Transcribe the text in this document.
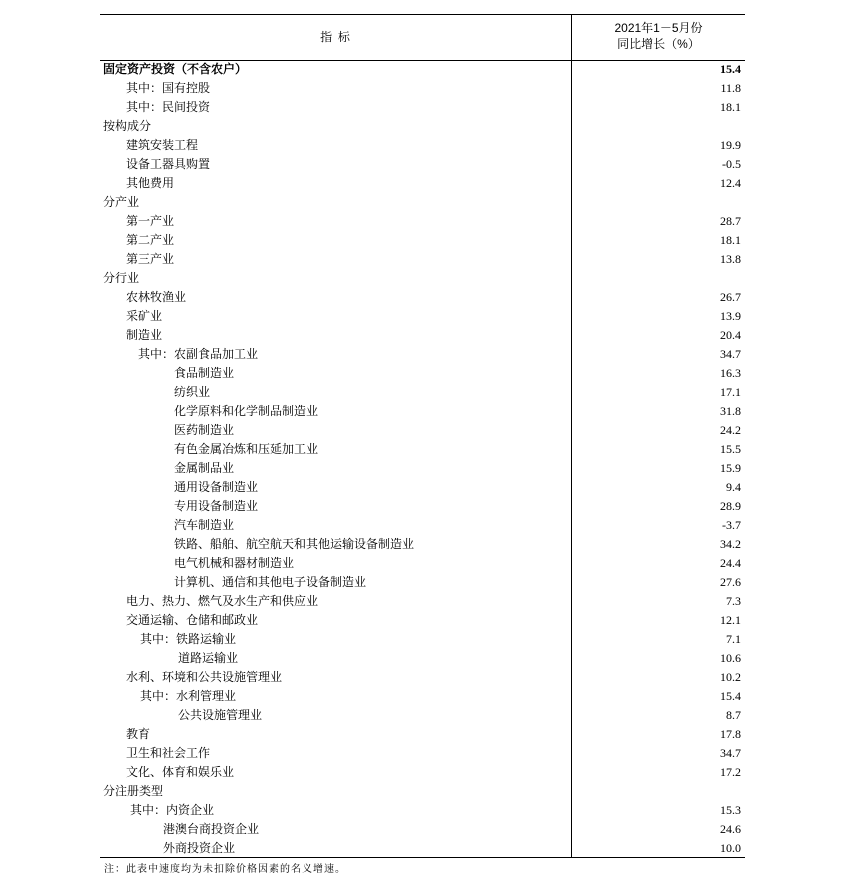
指 标
2021年1－5月份
同比增长（%）
固定资产投资（不含农户）	15.4
其中：国有控股	11.8
其中：民间投资	18.1
按构成分
建筑安装工程	19.9
设备工器具购置	-0.5
其他费用	12.4
分产业
第一产业	28.7
第二产业	18.1
第三产业	13.8
分行业
农林牧渔业	26.7
采矿业	13.9
制造业	20.4
其中：农副食品加工业	34.7
食品制造业	16.3
纺织业	17.1
化学原料和化学制品制造业	31.8
医药制造业	24.2
有色金属冶炼和压延加工业	15.5
金属制品业	15.9
通用设备制造业	9.4
专用设备制造业	28.9
汽车制造业	-3.7
铁路、船舶、航空航天和其他运输设备制造业	34.2
电气机械和器材制造业	24.4
计算机、通信和其他电子设备制造业	27.6
电力、热力、燃气及水生产和供应业	7.3
交通运输、仓储和邮政业	12.1
其中：铁路运输业	7.1
道路运输业	10.6
水利、环境和公共设施管理业	10.2
其中：水利管理业	15.4
公共设施管理业	8.7
教育	17.8
卫生和社会工作	34.7
文化、体育和娱乐业	17.2
分注册类型
其中：内资企业	15.3
港澳台商投资企业	24.6
外商投资企业	10.0
注：此表中速度均为未扣除价格因素的名义增速。
